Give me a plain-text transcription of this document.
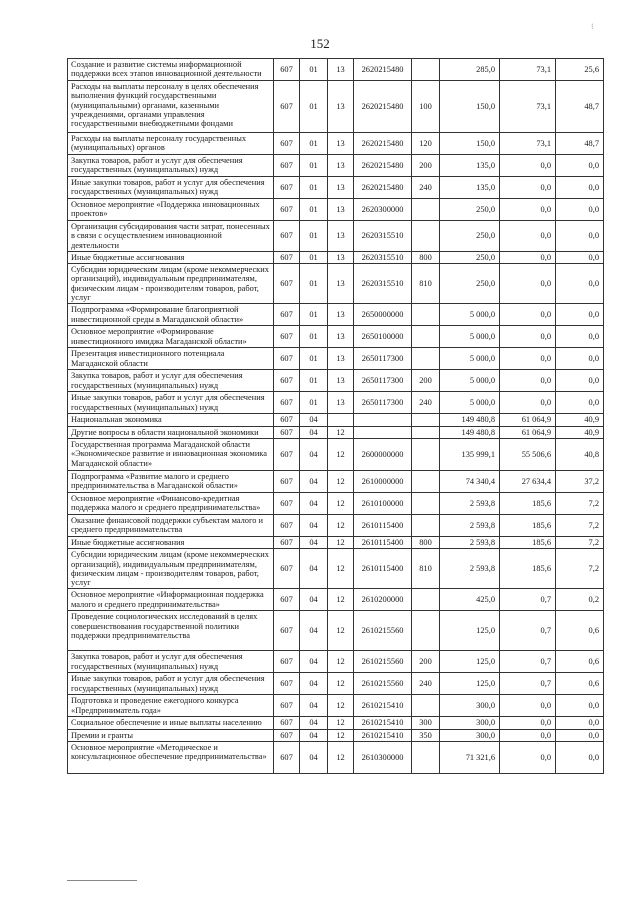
152
⁝
Создание и развитие системы информационной поддержки всех этапов инновационной деятельности	607	01	13	2620215480		285,0	73,1	25,6
Расходы на выплаты персоналу в целях обеспечения выполнения функций государственными (муниципальными) органами, казенными учреждениями, органами управления государственными внебюджетными фондами	607	01	13	2620215480	100	150,0	73,1	48,7
Расходы на выплаты персоналу государственных (муниципальных) органов	607	01	13	2620215480	120	150,0	73,1	48,7
Закупка товаров, работ и услуг для обеспечения государственных (муниципальных) нужд	607	01	13	2620215480	200	135,0	0,0	0,0
Иные закупки товаров, работ и услуг для обеспечения государственных (муниципальных) нужд	607	01	13	2620215480	240	135,0	0,0	0,0
Основное мероприятие «Поддержка инновационных проектов»	607	01	13	2620300000		250,0	0,0	0,0
Организация субсидирования части затрат, понесенных в связи с осуществлением инновационной деятельности	607	01	13	2620315510		250,0	0,0	0,0
Иные бюджетные ассигнования	607	01	13	2620315510	800	250,0	0,0	0,0
Субсидии юридическим лицам (кроме некоммерческих организаций), индивидуальным предпринимателям, физическим лицам - производителям товаров, работ, услуг	607	01	13	2620315510	810	250,0	0,0	0,0
Подпрограмма «Формирование благоприятной инвестиционной среды в Магаданской области»	607	01	13	2650000000		5 000,0	0,0	0,0
Основное мероприятие «Формирование инвестиционного имиджа Магаданской области»	607	01	13	2650100000		5 000,0	0,0	0,0
Презентация инвестиционного потенциала Магаданской области	607	01	13	2650117300		5 000,0	0,0	0,0
Закупка товаров, работ и услуг для обеспечения государственных (муниципальных) нужд	607	01	13	2650117300	200	5 000,0	0,0	0,0
Иные закупки товаров, работ и услуг для обеспечения государственных (муниципальных) нужд	607	01	13	2650117300	240	5 000,0	0,0	0,0
Национальная экономика	607	04				149 480,8	61 064,9	40,9
Другие вопросы в области национальной экономики	607	04	12			149 480,8	61 064,9	40,9
Государственная программа Магаданской области «Экономическое развитие и инновационная экономика Магаданской области»	607	04	12	2600000000		135 999,1	55 506,6	40,8
Подпрограмма «Развитие малого и среднего предпринимательства в Магаданской области»	607	04	12	2610000000		74 340,4	27 634,4	37,2
Основное мероприятие «Финансово-кредитная поддержка малого и среднего предпринимательства»	607	04	12	2610100000		2 593,8	185,6	7,2
Оказание финансовой поддержки субъектам малого и среднего предпринимательства	607	04	12	2610115400		2 593,8	185,6	7,2
Иные бюджетные ассигнования	607	04	12	2610115400	800	2 593,8	185,6	7,2
Субсидии юридическим лицам (кроме некоммерческих организаций), индивидуальным предпринимателям, физическим лицам - производителям товаров, работ, услуг	607	04	12	2610115400	810	2 593,8	185,6	7,2
Основное мероприятие «Информационная поддержка малого и среднего предпринимательства»	607	04	12	2610200000		425,0	0,7	0,2
Проведение социологических исследований в целях совершенствования государственной политики поддержки предпринимательства	607	04	12	2610215560		125,0	0,7	0,6
Закупка товаров, работ и услуг для обеспечения государственных (муниципальных) нужд	607	04	12	2610215560	200	125,0	0,7	0,6
Иные закупки товаров, работ и услуг для обеспечения государственных (муниципальных) нужд	607	04	12	2610215560	240	125,0	0,7	0,6
Подготовка и проведение ежегодного конкурса «Предприниматель года»	607	04	12	2610215410		300,0	0,0	0,0
Социальное обеспечение и иные выплаты населению	607	04	12	2610215410	300	300,0	0,0	0,0
Премии и гранты	607	04	12	2610215410	350	300,0	0,0	0,0
Основное мероприятие «Методическое и консультационное обеспечение предпринимательства»	607	04	12	2610300000		71 321,6	0,0	0,0
